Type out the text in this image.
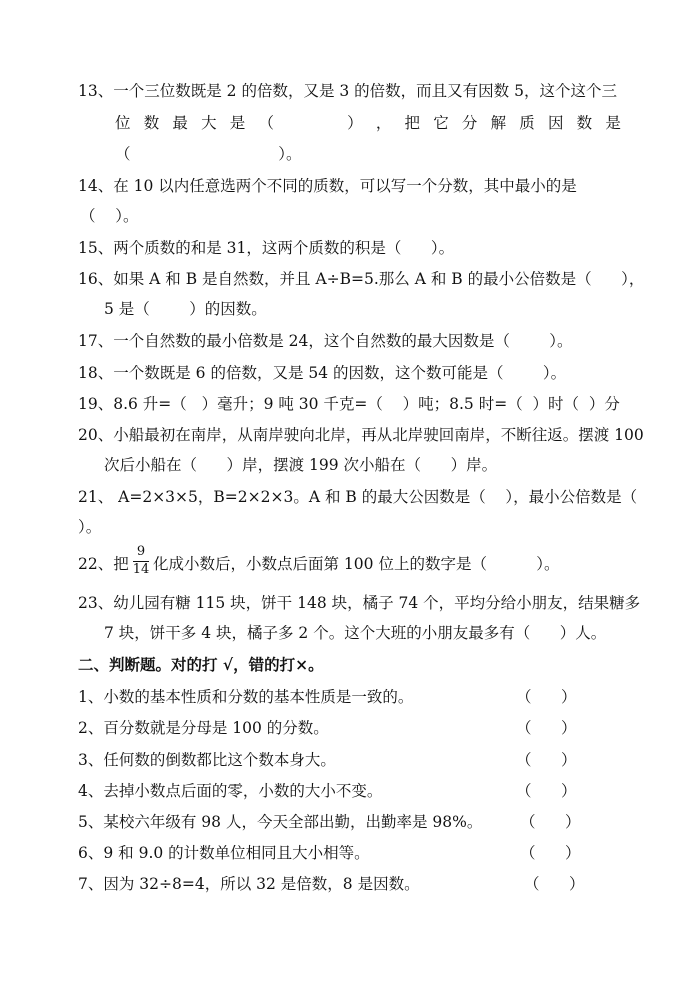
13、一个三位数既是 2 的倍数，又是 3 的倍数，而且又有因数 5，这个这个三
位 数 最 大 是 （	） ， 把 它 分 解 质 因 数 是
（                              ）。
14、在 10 以内任意选两个不同的质数，可以写一个分数，其中最小的是
（    ）。
15、两个质数的和是 31，这两个质数的积是（      ）。
16、如果 A 和 B 是自然数，并且 A÷B=5.那么 A 和 B 的最小公倍数是（      ），
5 是（        ）的因数。
17、一个自然数的最小倍数是 24，这个自然数的最大因数是（        ）。
18、一个数既是 6 的倍数，又是 54 的因数，这个数可能是（        ）。
19、8.6 升=（   ）毫升；9 吨 30 千克=（    ）吨；8.5 时=（  ）时（  ）分
20、小船最初在南岸，从南岸驶向北岸，再从北岸驶回南岸，不断往返。摆渡 100
次后小船在（      ）岸，摆渡 199 次小船在（      ）岸。
21、 A=2×3×5，B=2×2×3。A 和 B 的最大公因数是（    ），最小公倍数是（
）。
22、把
9
14 化成小数后，小数点后面第 100 位上的数字是（          ）。
23、幼儿园有糖 115 块，饼干 148 块，橘子 74 个，平均分给小朋友，结果糖多
7 块，饼干多 4 块，橘子多 2 个。这个大班的小朋友最多有（      ）人。
二、判断题。对的打 √，错的打×。
1、小数的基本性质和分数的基本性质是一致的。	（      ）
2、百分数就是分母是 100 的分数。	（      ）
3、任何数的倒数都比这个数本身大。	（      ）
4、去掉小数点后面的零，小数的大小不变。	（      ）
5、某校六年级有 98 人，今天全部出勤，出勤率是 98%。 （      ）
6、9 和 9.0 的计数单位相同且大小相等。	（      ）
7、因为 32÷8=4，所以 32 是倍数，8 是因数。	（      ）
